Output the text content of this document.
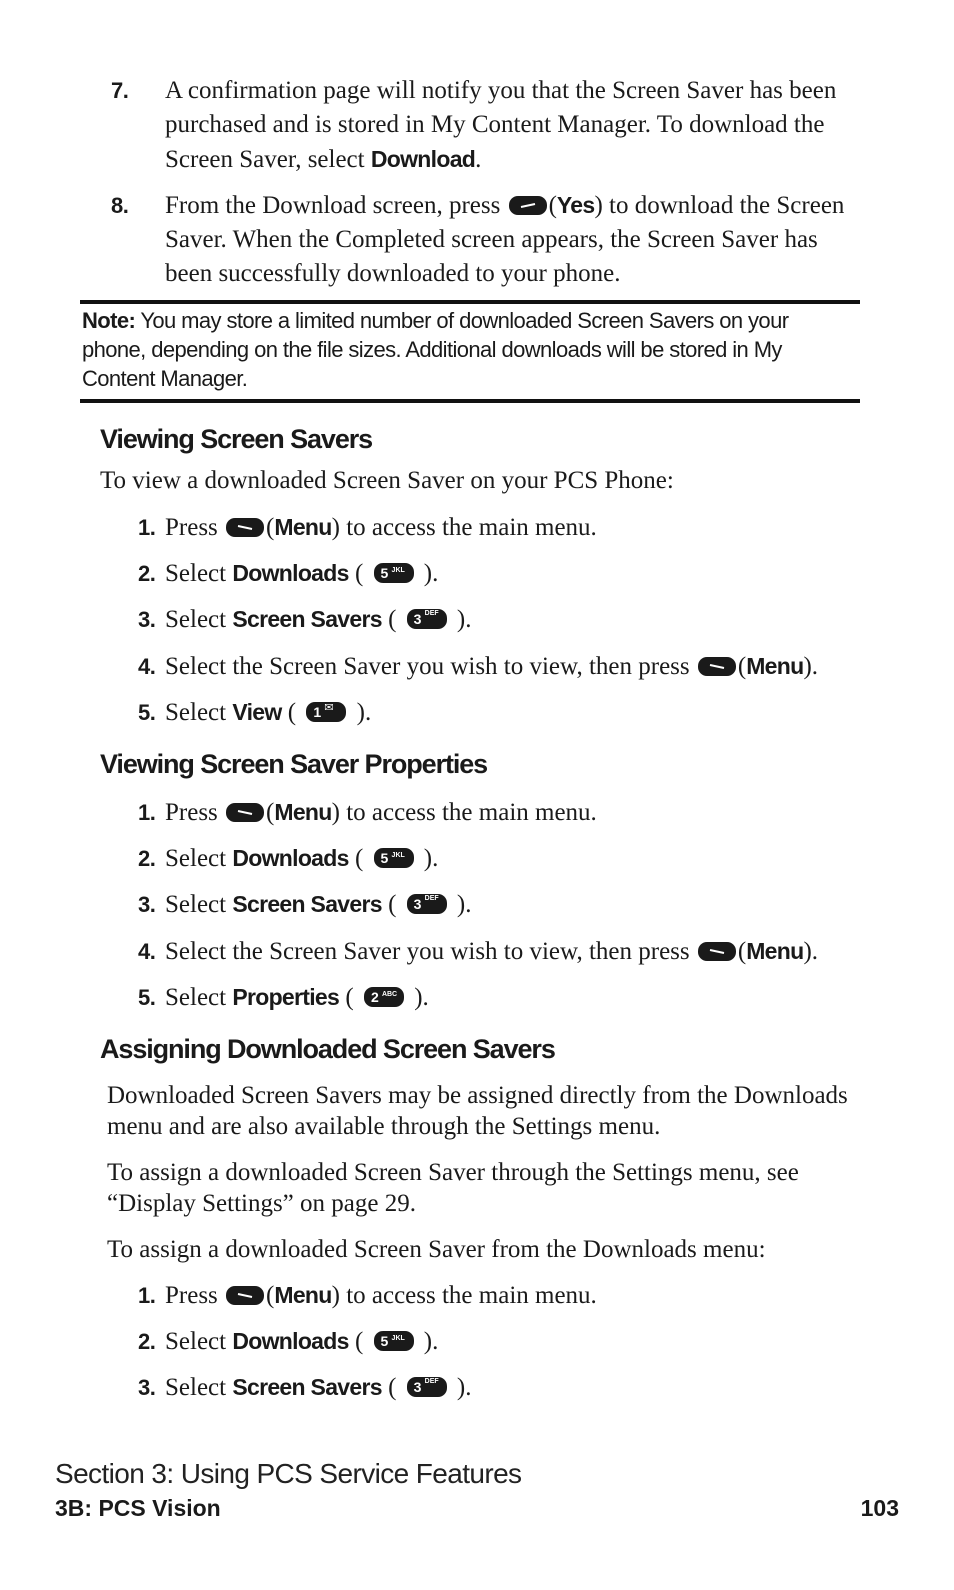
7. A confirmation page will notify you that the Screen Saver has been purchased and is stored in My Content Manager. To download the Screen Saver, select Download.
8. From the Download screen, press
(Yes) to download the Screen Saver. When the Completed screen appears, the Screen Saver has been successfully downloaded to your phone.
Note: You may store a limited number of downloaded Screen Savers on your phone, depending on the file sizes. Additional downloads will be stored in My Content Manager.
Viewing Screen Savers
To view a downloaded Screen Saver on your PCS Phone:
1. Press
(Menu) to access the main menu.
2. Select Downloads ( 5 JKL ).
3. Select Screen Savers ( 3 DEF ).
4. Select the Screen Saver you wish to view, then press
(Menu).
5. Select View ( 1 ✉ ).
Viewing Screen Saver Properties
1. Press
(Menu) to access the main menu.
2. Select Downloads ( 5 JKL ).
3. Select Screen Savers ( 3 DEF ).
4. Select the Screen Saver you wish to view, then press
(Menu).
5. Select Properties ( 2 ABC ).
Assigning Downloaded Screen Savers
Downloaded Screen Savers may be assigned directly from the Downloads menu and are also available through the Settings menu.
To assign a downloaded Screen Saver through the Settings menu, see “Display Settings” on page 29.
To assign a downloaded Screen Saver from the Downloads menu:
1. Press
(Menu) to access the main menu.
2. Select Downloads ( 5 JKL ).
3. Select Screen Savers ( 3 DEF ).
Section 3: Using PCS Service Features
3B: PCS Vision	103
